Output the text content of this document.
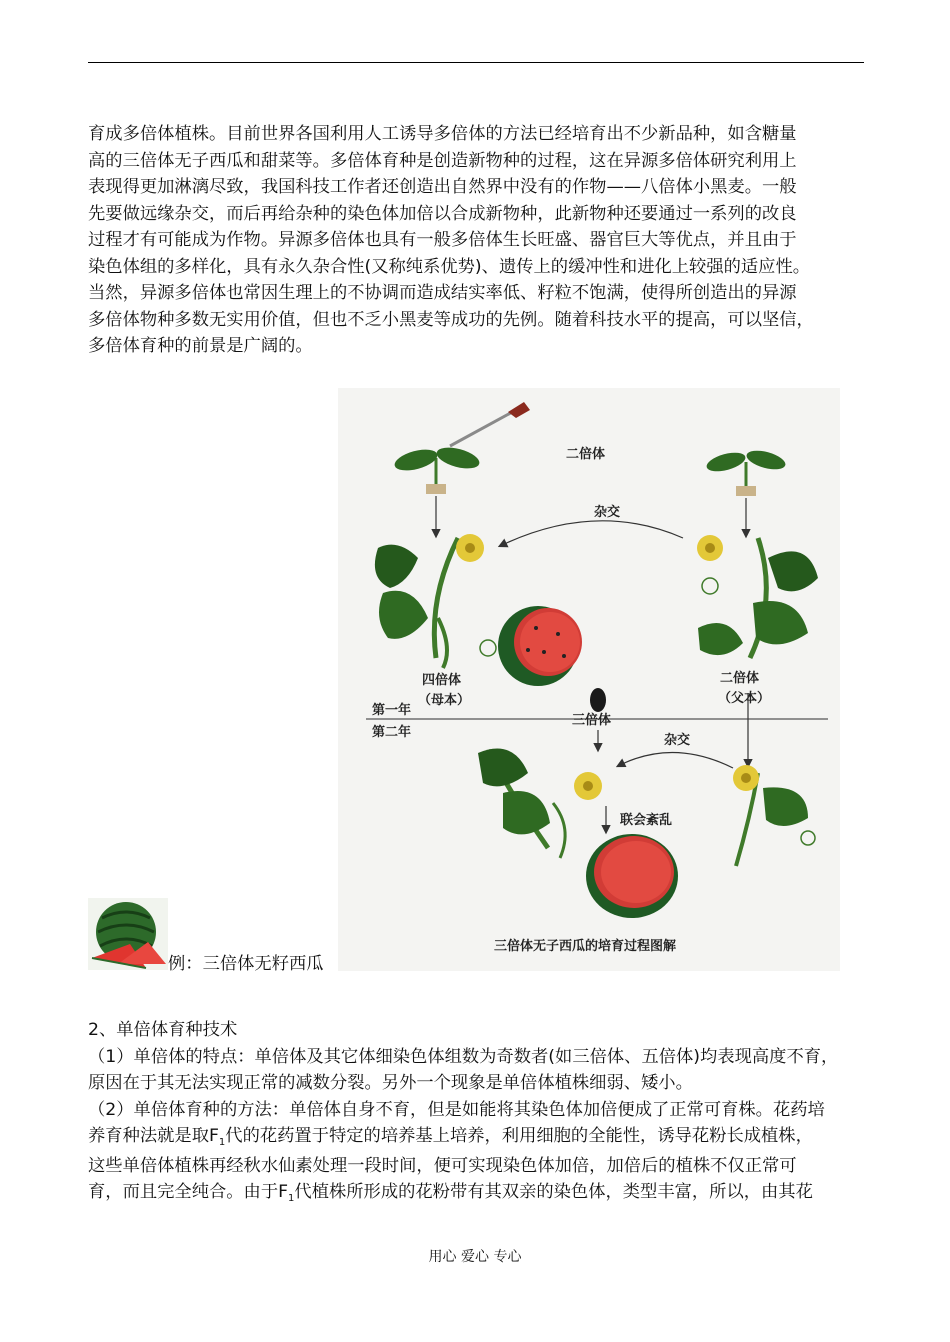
育成多倍体植株。目前世界各国利用人工诱导多倍体的方法已经培育出不少新品种，如含糖量

高的三倍体无子西瓜和甜菜等。多倍体育种是创造新物种的过程，这在异源多倍体研究利用上

表现得更加淋漓尽致，我国科技工作者还创造出自然界中没有的作物——八倍体小黑麦。一般

先要做远缘杂交，而后再给杂种的染色体加倍以合成新物种，此新物种还要通过一系列的改良

过程才有可能成为作物。异源多倍体也具有一般多倍体生长旺盛、器官巨大等优点，并且由于

染色体组的多样化，具有永久杂合性(又称纯系优势)、遗传上的缓冲性和进化上较强的适应性。

当然，异源多倍体也常因生理上的不协调而造成结实率低、籽粒不饱满，使得所创造出的异源

多倍体物种多数无实用价值，但也不乏小黑麦等成功的先例。随着科技水平的提高，可以坚信，

多倍体育种的前景是广阔的。

二倍体
杂交
四倍体
（母本）
二倍体
（父本）
第一年
第二年
三倍体
杂交
联会紊乱
三倍体无子西瓜的培育过程图解
例：三倍体无籽西瓜

2、单倍体育种技术

（1）单倍体的特点：单倍体及其它体细染色体组数为奇数者(如三倍体、五倍体)均表现高度不育，

原因在于其无法实现正常的减数分裂。另外一个现象是单倍体植株细弱、矮小。

（2）单倍体育种的方法：单倍体自身不育，但是如能将其染色体加倍便成了正常可育株。花药培

养育种法就是取$F_1$代的花药置于特定的培养基上培养，利用细胞的全能性，诱导花粉长成植株，

这些单倍体植株再经秋水仙素处理一段时间，便可实现染色体加倍，加倍后的植株不仅正常可

育，而且完全纯合。由于$F_1$代植株所形成的花粉带有其双亲的染色体，类型丰富，所以，由其花

用心 爱心 专心
